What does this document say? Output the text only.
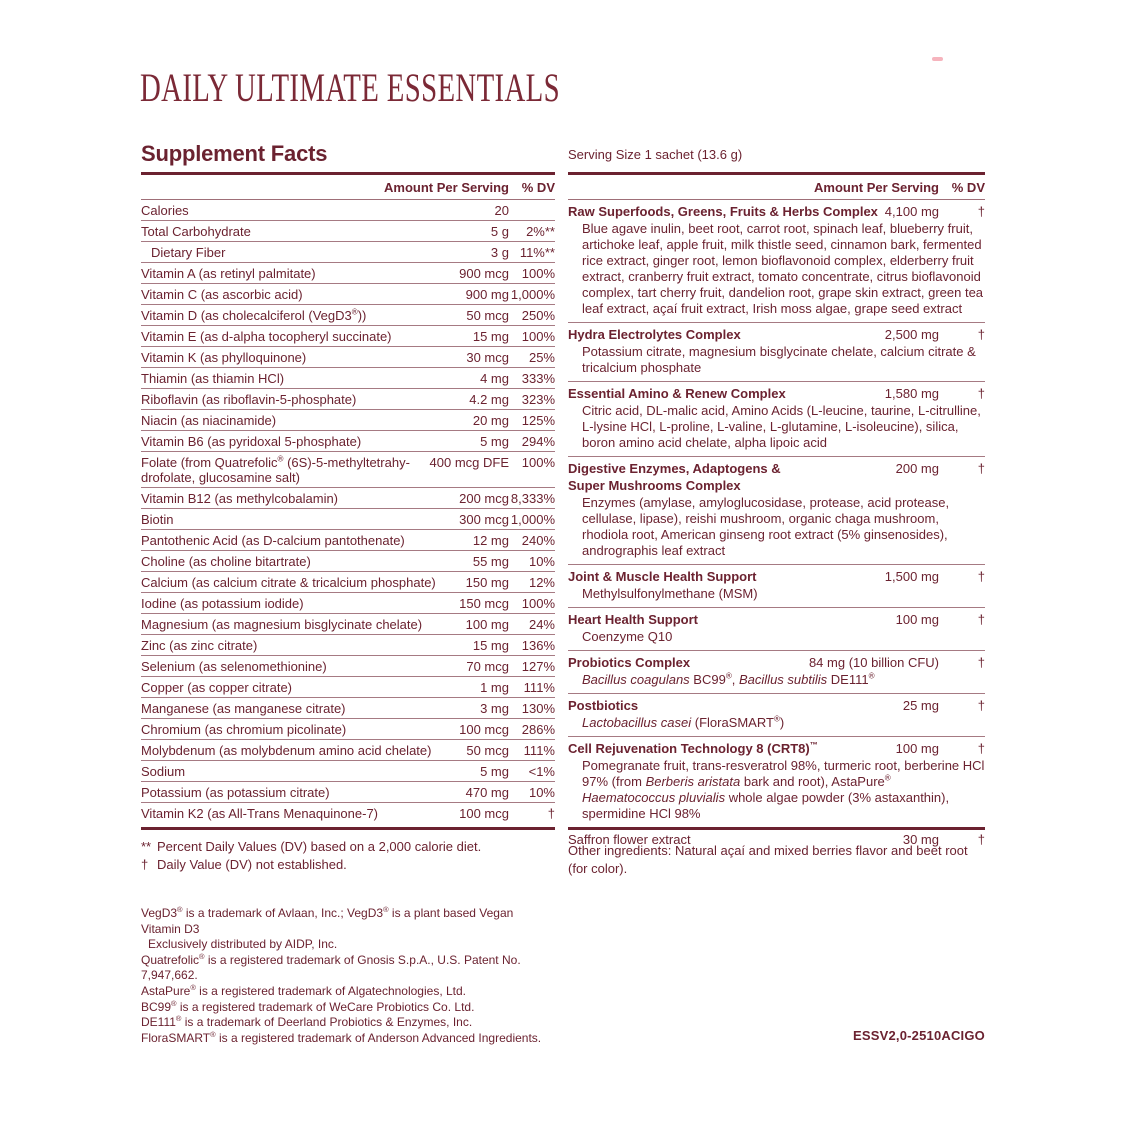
DAILY ULTIMATE ESSENTIALS
Supplement Facts
Amount Per Serving % DV
Calories	20
Total Carbohydrate	5 g	2%**
Dietary Fiber	3 g 11%**
Vitamin A (as retinyl palmitate)	900 mcg 100%
Vitamin C (as ascorbic acid)	900 mg 1,000%
Vitamin D (as cholecalciferol (VegD3®))	50 mcg 250%
Vitamin E (as d-alpha tocopheryl succinate)	15 mg 100%
Vitamin K (as phylloquinone)	30 mcg	25%
Thiamin (as thiamin HCl)	4 mg 333%
Riboflavin (as riboflavin-5-phosphate)	4.2 mg 323%
Niacin (as niacinamide)	20 mg 125%
Vitamin B6 (as pyridoxal 5-phosphate)	5 mg 294%
Folate (from Quatrefolic® (6S)-5-methyltetrahy-
drofolate, glucosamine salt)
400 mcg DFE 100%
Vitamin B12 (as methylcobalamin)	200 mcg 8,333%
Biotin	300 mcg 1,000%
Pantothenic Acid (as D-calcium pantothenate)	12 mg 240%
Choline (as choline bitartrate)	55 mg	10%
Calcium (as calcium citrate & tricalcium phosphate)	150 mg	12%
Iodine (as potassium iodide)	150 mcg 100%
Magnesium (as magnesium bisglycinate chelate)	100 mg	24%
Zinc (as zinc citrate)	15 mg 136%
Selenium (as selenomethionine)	70 mcg 127%
Copper (as copper citrate)	1 mg	111%
Manganese (as manganese citrate)	3 mg 130%
Chromium (as chromium picolinate)	100 mcg 286%
Molybdenum (as molybdenum amino acid chelate)	50 mcg	111%
Sodium	5 mg	<1%
Potassium (as potassium citrate)	470 mg	10%
Vitamin K2 (as All-Trans Menaquinone-7)	100 mcg	†
** Percent Daily Values (DV) based on a 2,000 calorie diet.
† Daily Value (DV) not established.
VegD3® is a trademark of Avlaan, Inc.; VegD3® is a plant based Vegan Vitamin D3
Exclusively distributed by AIDP, Inc.
Quatrefolic® is a registered trademark of Gnosis S.p.A., U.S. Patent No. 7,947,662.
AstaPure® is a registered trademark of Algatechnologies, Ltd.
BC99® is a registered trademark of WeCare Probiotics Co. Ltd.
DE111® is a trademark of Deerland Probiotics & Enzymes, Inc.
FloraSMART® is a registered trademark of Anderson Advanced Ingredients.
Serving Size 1 sachet (13.6 g)
Amount Per Serving % DV
Raw Superfoods, Greens, Fruits & Herbs Complex 4,100 mg	†

Blue agave inulin, beet root, carrot root, spinach leaf, blueberry fruit, artichoke leaf, apple fruit, milk thistle seed, cinnamon bark, fermented rice extract, ginger root, lemon bioflavonoid complex, elderberry fruit extract, cranberry fruit extract, tomato concentrate, citrus bioflavonoid complex, tart cherry fruit, dandelion root, grape skin extract, green tea leaf extract, açaí fruit extract, Irish moss algae, grape seed extract

Hydra Electrolytes Complex	2,500 mg	†

Potassium citrate, magnesium bisglycinate chelate, calcium citrate & tricalcium phosphate

Essential Amino & Renew Complex	1,580 mg	†

Citric acid, DL-malic acid, Amino Acids (L-leucine, taurine, L-citrulline, L-lysine HCl, L-proline, L-valine, L-glutamine, L-isoleucine), silica, boron amino acid chelate, alpha lipoic acid

Digestive Enzymes, Adaptogens &
Super Mushrooms Complex
200 mg	†

Enzymes (amylase, amyloglucosidase, protease, acid protease, cellulase, lipase), reishi mushroom, organic chaga mushroom, rhodiola root, American ginseng root extract (5% ginsenosides), andrographis leaf extract

Joint & Muscle Health Support	1,500 mg	†

Methylsulfonylmethane (MSM)

Heart Health Support	100 mg	†

Coenzyme Q10

Probiotics Complex	84 mg (10 billion CFU)	†

Bacillus coagulans BC99®, Bacillus subtilis DE111®

Postbiotics	25 mg	†

Lactobacillus casei (FloraSMART®)

Cell Rejuvenation Technology 8 (CRT8)™	100 mg	†

Pomegranate fruit, trans-resveratrol 98%, turmeric root, berberine HCl 97% (from Berberis aristata bark and root), AstaPure® Haematococcus pluvialis whole algae powder (3% astaxanthin), spermidine HCl 98%

Saffron flower extract	30 mg	†
Other ingredients: Natural açaí and mixed berries flavor and beet root (for color).
ESSV2,0-2510ACIGO
